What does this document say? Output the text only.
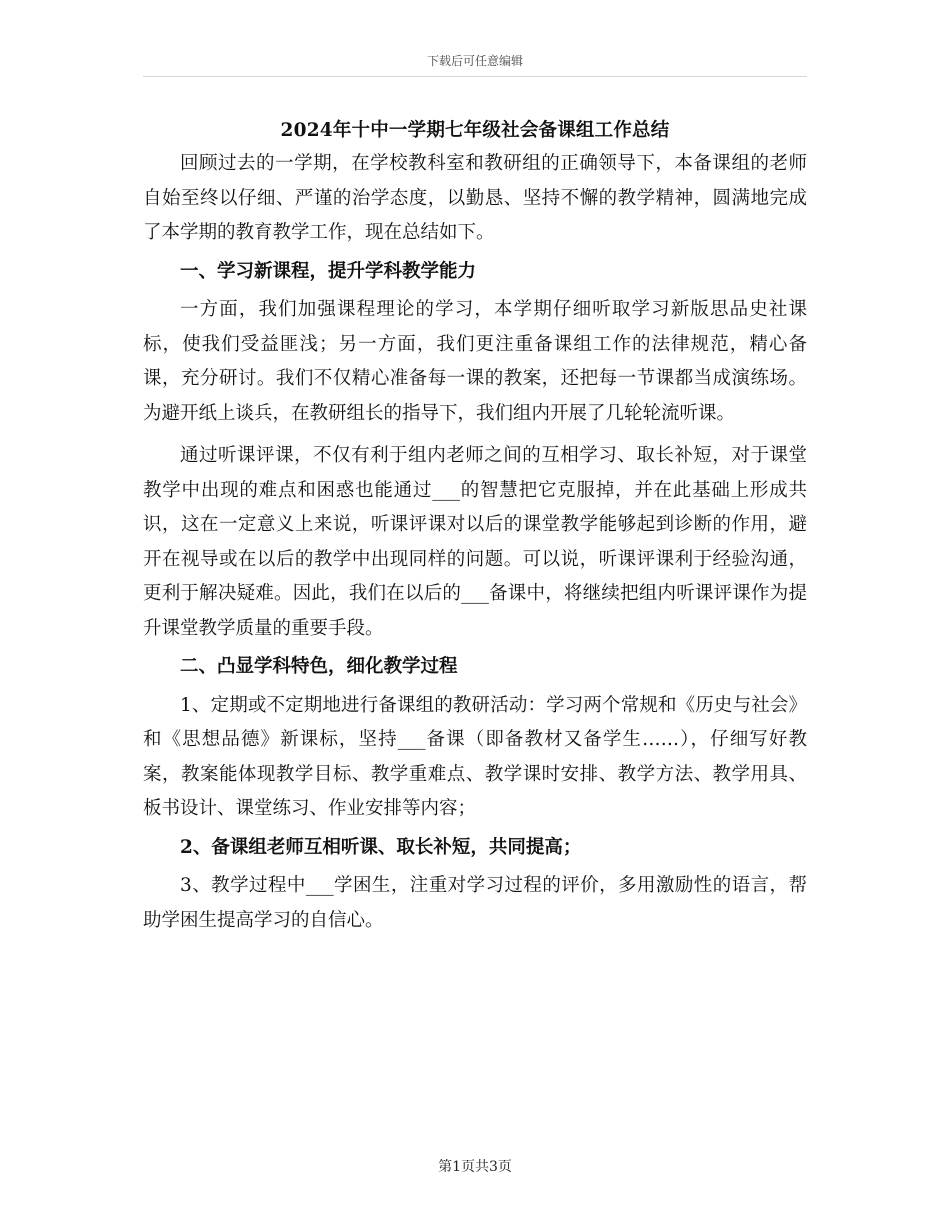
下载后可任意编辑
2024年十中一学期七年级社会备课组工作总结

回顾过去的一学期，在学校教科室和教研组的正确领导下，本备课组的老师自始至终以仔细、严谨的治学态度，以勤恳、坚持不懈的教学精神，圆满地完成了本学期的教育教学工作，现在总结如下。

一、学习新课程，提升学科教学能力

一方面，我们加强课程理论的学习，本学期仔细听取学习新版思品史社课标，使我们受益匪浅；另一方面，我们更注重备课组工作的法律规范，精心备课，充分研讨。我们不仅精心准备每一课的教案，还把每一节课都当成演练场。为避开纸上谈兵，在教研组长的指导下，我们组内开展了几轮轮流听课。

通过听课评课，不仅有利于组内老师之间的互相学习、取长补短，对于课堂教学中出现的难点和困惑也能通过___的智慧把它克服掉，并在此基础上形成共识，这在一定意义上来说，听课评课对以后的课堂教学能够起到诊断的作用，避开在视导或在以后的教学中出现同样的问题。可以说，听课评课利于经验沟通，更利于解决疑难。因此，我们在以后的___备课中，将继续把组内听课评课作为提升课堂教学质量的重要手段。

二、凸显学科特色，细化教学过程

1、定期或不定期地进行备课组的教研活动：学习两个常规和《历史与社会》和《思想品德》新课标，坚持___备课（即备教材又备学生……），仔细写好教案，教案能体现教学目标、教学重难点、教学课时安排、教学方法、教学用具、板书设计、课堂练习、作业安排等内容；

2、备课组老师互相听课、取长补短，共同提高；

3、教学过程中___学困生，注重对学习过程的评价，多用激励性的语言，帮助学困生提高学习的自信心。

第1页共3页
